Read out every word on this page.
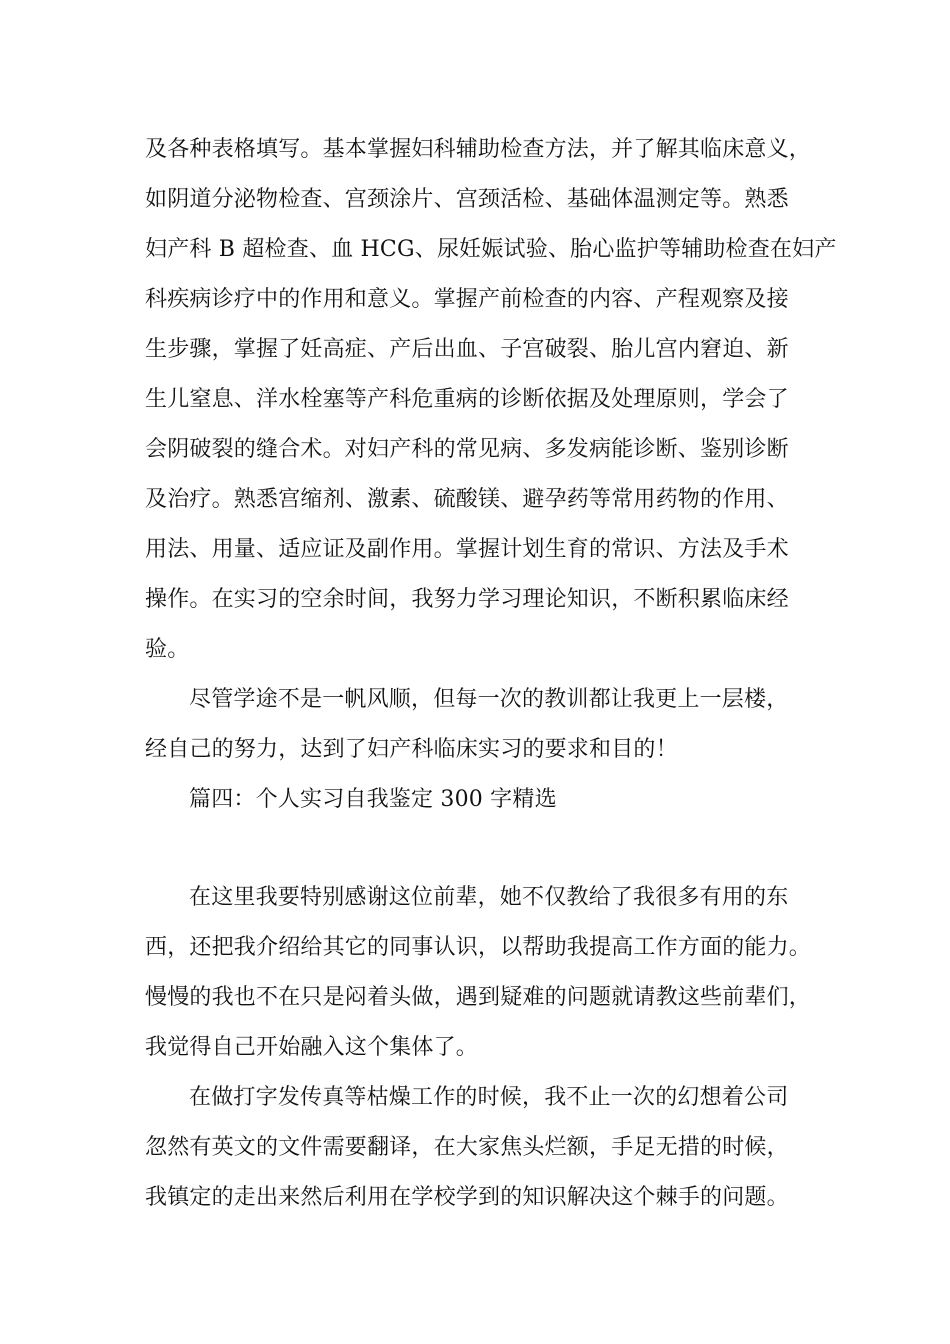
及各种表格填写。基本掌握妇科辅助检查方法，并了解其临床意义，
如阴道分泌物检查、宫颈涂片、宫颈活检、基础体温测定等。熟悉
妇产科 B 超检查、血 HCG、尿妊娠试验、胎心监护等辅助检查在妇产
科疾病诊疗中的作用和意义。掌握产前检查的内容、产程观察及接
生步骤，掌握了妊高症、产后出血、子宫破裂、胎儿宫内窘迫、新
生儿窒息、洋水栓塞等产科危重病的诊断依据及处理原则，学会了
会阴破裂的缝合术。对妇产科的常见病、多发病能诊断、鉴别诊断
及治疗。熟悉宫缩剂、激素、硫酸镁、避孕药等常用药物的作用、
用法、用量、适应证及副作用。掌握计划生育的常识、方法及手术
操作。在实习的空余时间，我努力学习理论知识，不断积累临床经
验。
尽管学途不是一帆风顺，但每一次的教训都让我更上一层楼，
经自己的努力，达到了妇产科临床实习的要求和目的！
篇四：个人实习自我鉴定 300 字精选
在这里我要特别感谢这位前辈，她不仅教给了我很多有用的东
西，还把我介绍给其它的同事认识，以帮助我提高工作方面的能力。
慢慢的我也不在只是闷着头做，遇到疑难的问题就请教这些前辈们，
我觉得自己开始融入这个集体了。
在做打字发传真等枯燥工作的时候，我不止一次的幻想着公司
忽然有英文的文件需要翻译，在大家焦头烂额，手足无措的时候，
我镇定的走出来然后利用在学校学到的知识解决这个棘手的问题。
